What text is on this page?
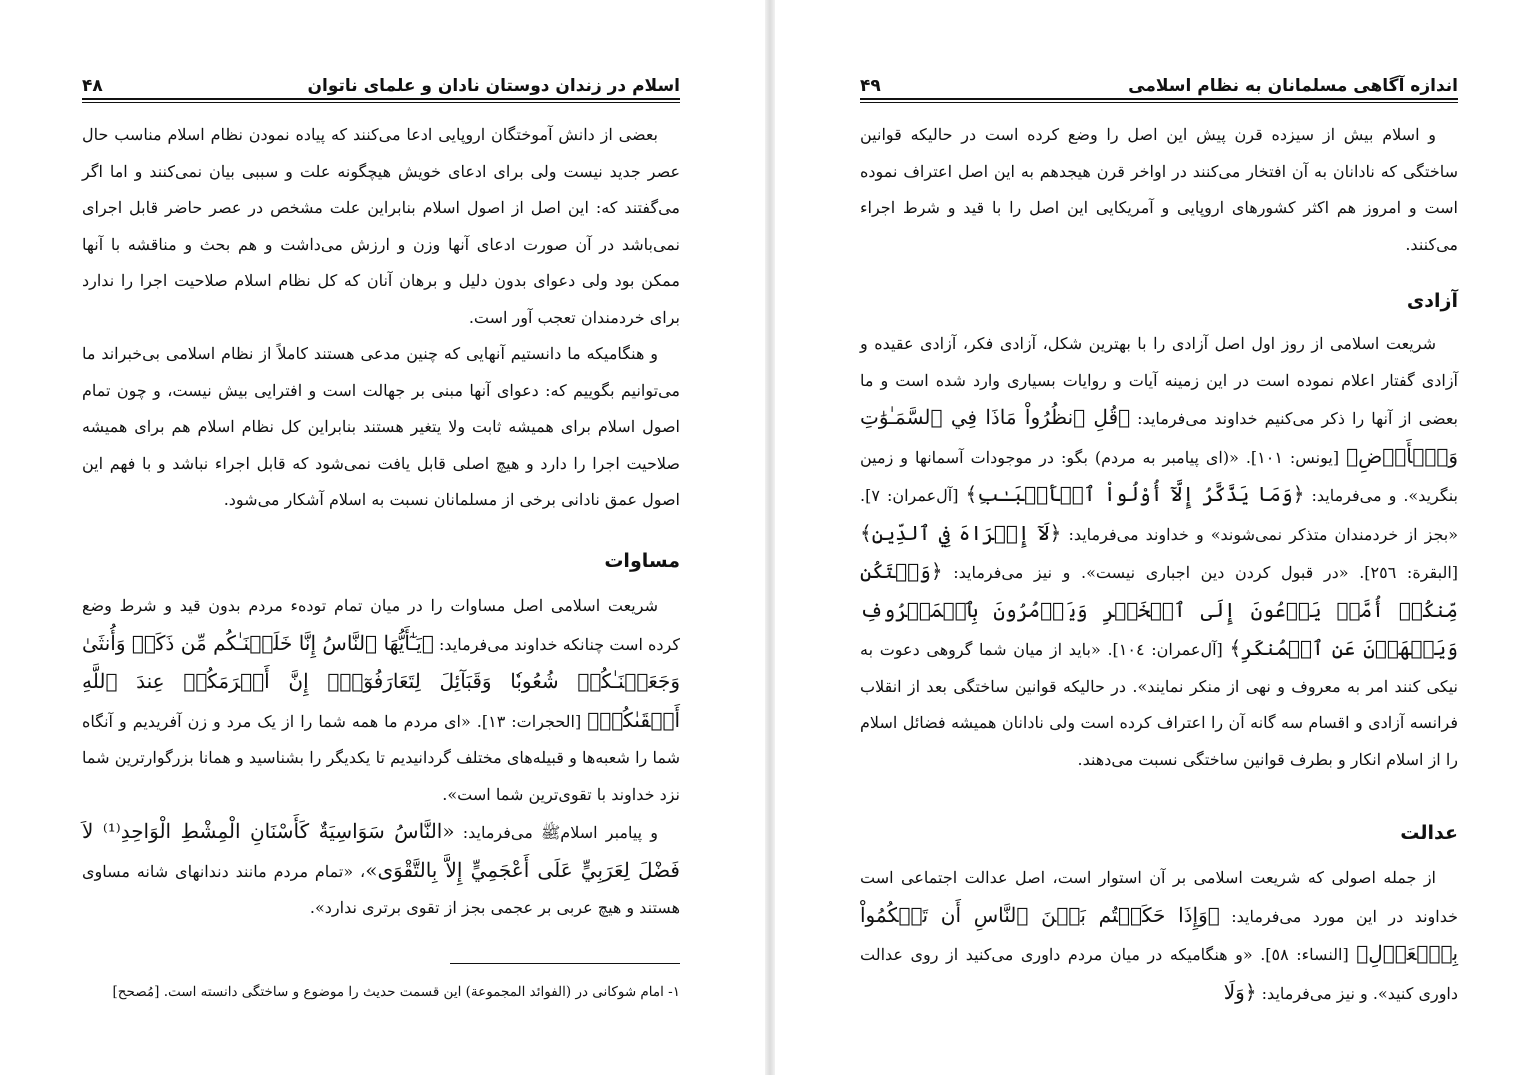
اسلام در زندان دوستان نادان و علمای ناتوان
۴۸

بعضی از دانش آموختگان اروپایی ادعا می‌کنند که پیاده نمودن نظام اسلام مناسب حال عصر جدید نیست ولی برای ادعای خویش هیچگونه علت و سببی بیان نمی‌کنند و اما اگر می‌گفتند که: این اصل از اصول اسلام بنابراین علت مشخص در عصر حاضر قابل اجرای نمی‌باشد در آن صورت ادعای آنها وزن و ارزش می‌داشت و هم بحث و مناقشه با آنها ممکن بود ولی دعوای بدون دلیل و برهان آنان که کل نظام اسلام صلاحیت اجرا را ندارد برای خردمندان تعجب آور است.

و هنگامیکه ما دانستیم آنهایی که چنین مدعی هستند کاملاً از نظام اسلامی بی‌خبراند ما می‌توانیم بگوییم که: دعوای آنها مبنی بر جهالت است و افترایی بیش نیست، و چون تمام اصول اسلام برای همیشه ثابت ولا یتغیر هستند بنابراین کل نظام اسلام هم برای همیشه صلاحیت اجرا را دارد و هیچ اصلی قابل یافت نمی‌شود که قابل اجراء نباشد و با فهم این اصول عمق نادانی برخی از مسلمانان نسبت به اسلام آشکار می‌شود.

مساوات

شریعت اسلامی اصل مساوات را در میان تمام توده‌ء مردم بدون قید و شرط وضع کرده است چنانکه خداوند می‌فرماید: ﴿يَـٰٓأَيُّهَا ٱلنَّاسُ إِنَّا خَلَقۡنَـٰكُم مِّن ذَكَرٖ وَأُنثَىٰ وَجَعَلۡنَـٰكُمۡ شُعُوبٗا وَقَبَآئِلَ لِتَعَارَفُوٓاْۚ إِنَّ أَكۡرَمَكُمۡ عِندَ ٱللَّهِ أَتۡقَىٰكُمۡ﴾ [الحجرات: ١٣]. «ای مردم ما همه شما را از یک مرد و زن آفریدیم و آنگاه شما را شعبه‌ها و قبیله‌های مختلف گردانیدیم تا یکدیگر را بشناسید و همانا بزرگوارترین شما نزد خداوند با تقوی‌ترین شما است».

و پیامبر اسلامﷺ می‌فرماید: «النَّاسُ سَوَاسِيَةٌ كَأَسْنَانِ الْمِشْطِ الْوَاحِدِ⁽¹⁾ لاَ فَضْلَ لِعَرَبِيٍّ عَلَى أَعْجَمِيٍّ إِلاَّ بِالتَّقْوَى»، «تمام مردم مانند دندانهای شانه مساوی هستند و هیچ عربی بر عجمی بجز از تقوی برتری ندارد».

١- امام شوکانی در (الفوائد المجموعة) این قسمت حدیث را موضوع و ساختگی دانسته است. [مُصحح]
اندازه آگاهی مسلمانان به نظام اسلامی
۴۹

و اسلام بیش از سیزده قرن پیش این اصل را وضع کرده است در حالیکه قوانین ساختگی که نادانان به آن افتخار می‌کنند در اواخر قرن هیجدهم به این اصل اعتراف نموده است و امروز هم اکثر کشورهای اروپایی و آمریکایی این اصل را با قید و شرط اجراء می‌کنند.

آزادی

شریعت اسلامی از روز اول اصل آزادی را با بهترین شکل، آزادی فکر، آزادی عقیده و آزادی گفتار اعلام نموده است در این زمینه آیات و روایات بسیاری وارد شده است و ما بعضی از آنها را ذکر می‌کنیم خداوند می‌فرماید: ﴿قُلِ ٱنظُرُواْ مَاذَا فِي ٱلسَّمَـٰوَٰتِ وَٱلۡأَرۡضِ﴾ [یونس: ١٠١]. «(ای پیامبر به مردم) بگو: در موجودات آسمانها و زمین بنگرید». و می‌فرماید: ﴿وَمَا يَذَّكَّرُ إِلَّآ أُوْلُواْ ٱلۡأَلۡبَـٰبِ﴾ [آل‌عمران: ٧]. «بجز از خردمندان متذکر نمی‌شوند» و خداوند می‌فرماید: ﴿لَآ إِكۡرَاهَ فِي ٱلدِّينِ﴾ [البقرة: ٢٥٦]. «در قبول کردن دین اجباری نیست». و نیز می‌فرماید: ﴿وَلۡتَكُن مِّنكُمۡ أُمَّةٞ يَدۡعُونَ إِلَى ٱلۡخَيۡرِ وَيَأۡمُرُونَ بِٱلۡمَعۡرُوفِ وَيَنۡهَوۡنَ عَنِ ٱلۡمُنكَرِ﴾ [آل‌عمران: ١٠٤]. «باید از میان شما گروهی دعوت به نیکی کنند امر به معروف و نهی از منکر نمایند». در حالیکه قوانین ساختگی بعد از انقلاب فرانسه آزادی و اقسام سه گانه آن را اعتراف کرده است ولی نادانان همیشه فضائل اسلام را از اسلام انکار و بطرف قوانین ساختگی نسبت می‌دهند.

عدالت

از جمله اصولی که شریعت اسلامی بر آن استوار است، اصل عدالت اجتماعی است خداوند در این مورد می‌فرماید: ﴿وَإِذَا حَكَمۡتُم بَيۡنَ ٱلنَّاسِ أَن تَحۡكُمُواْ بِٱلۡعَدۡلِ﴾ [النساء: ٥٨]. «و هنگامیکه در میان مردم داوری می‌کنید از روی عدالت داوری کنید». و نیز می‌فرماید: ﴿وَلَا
